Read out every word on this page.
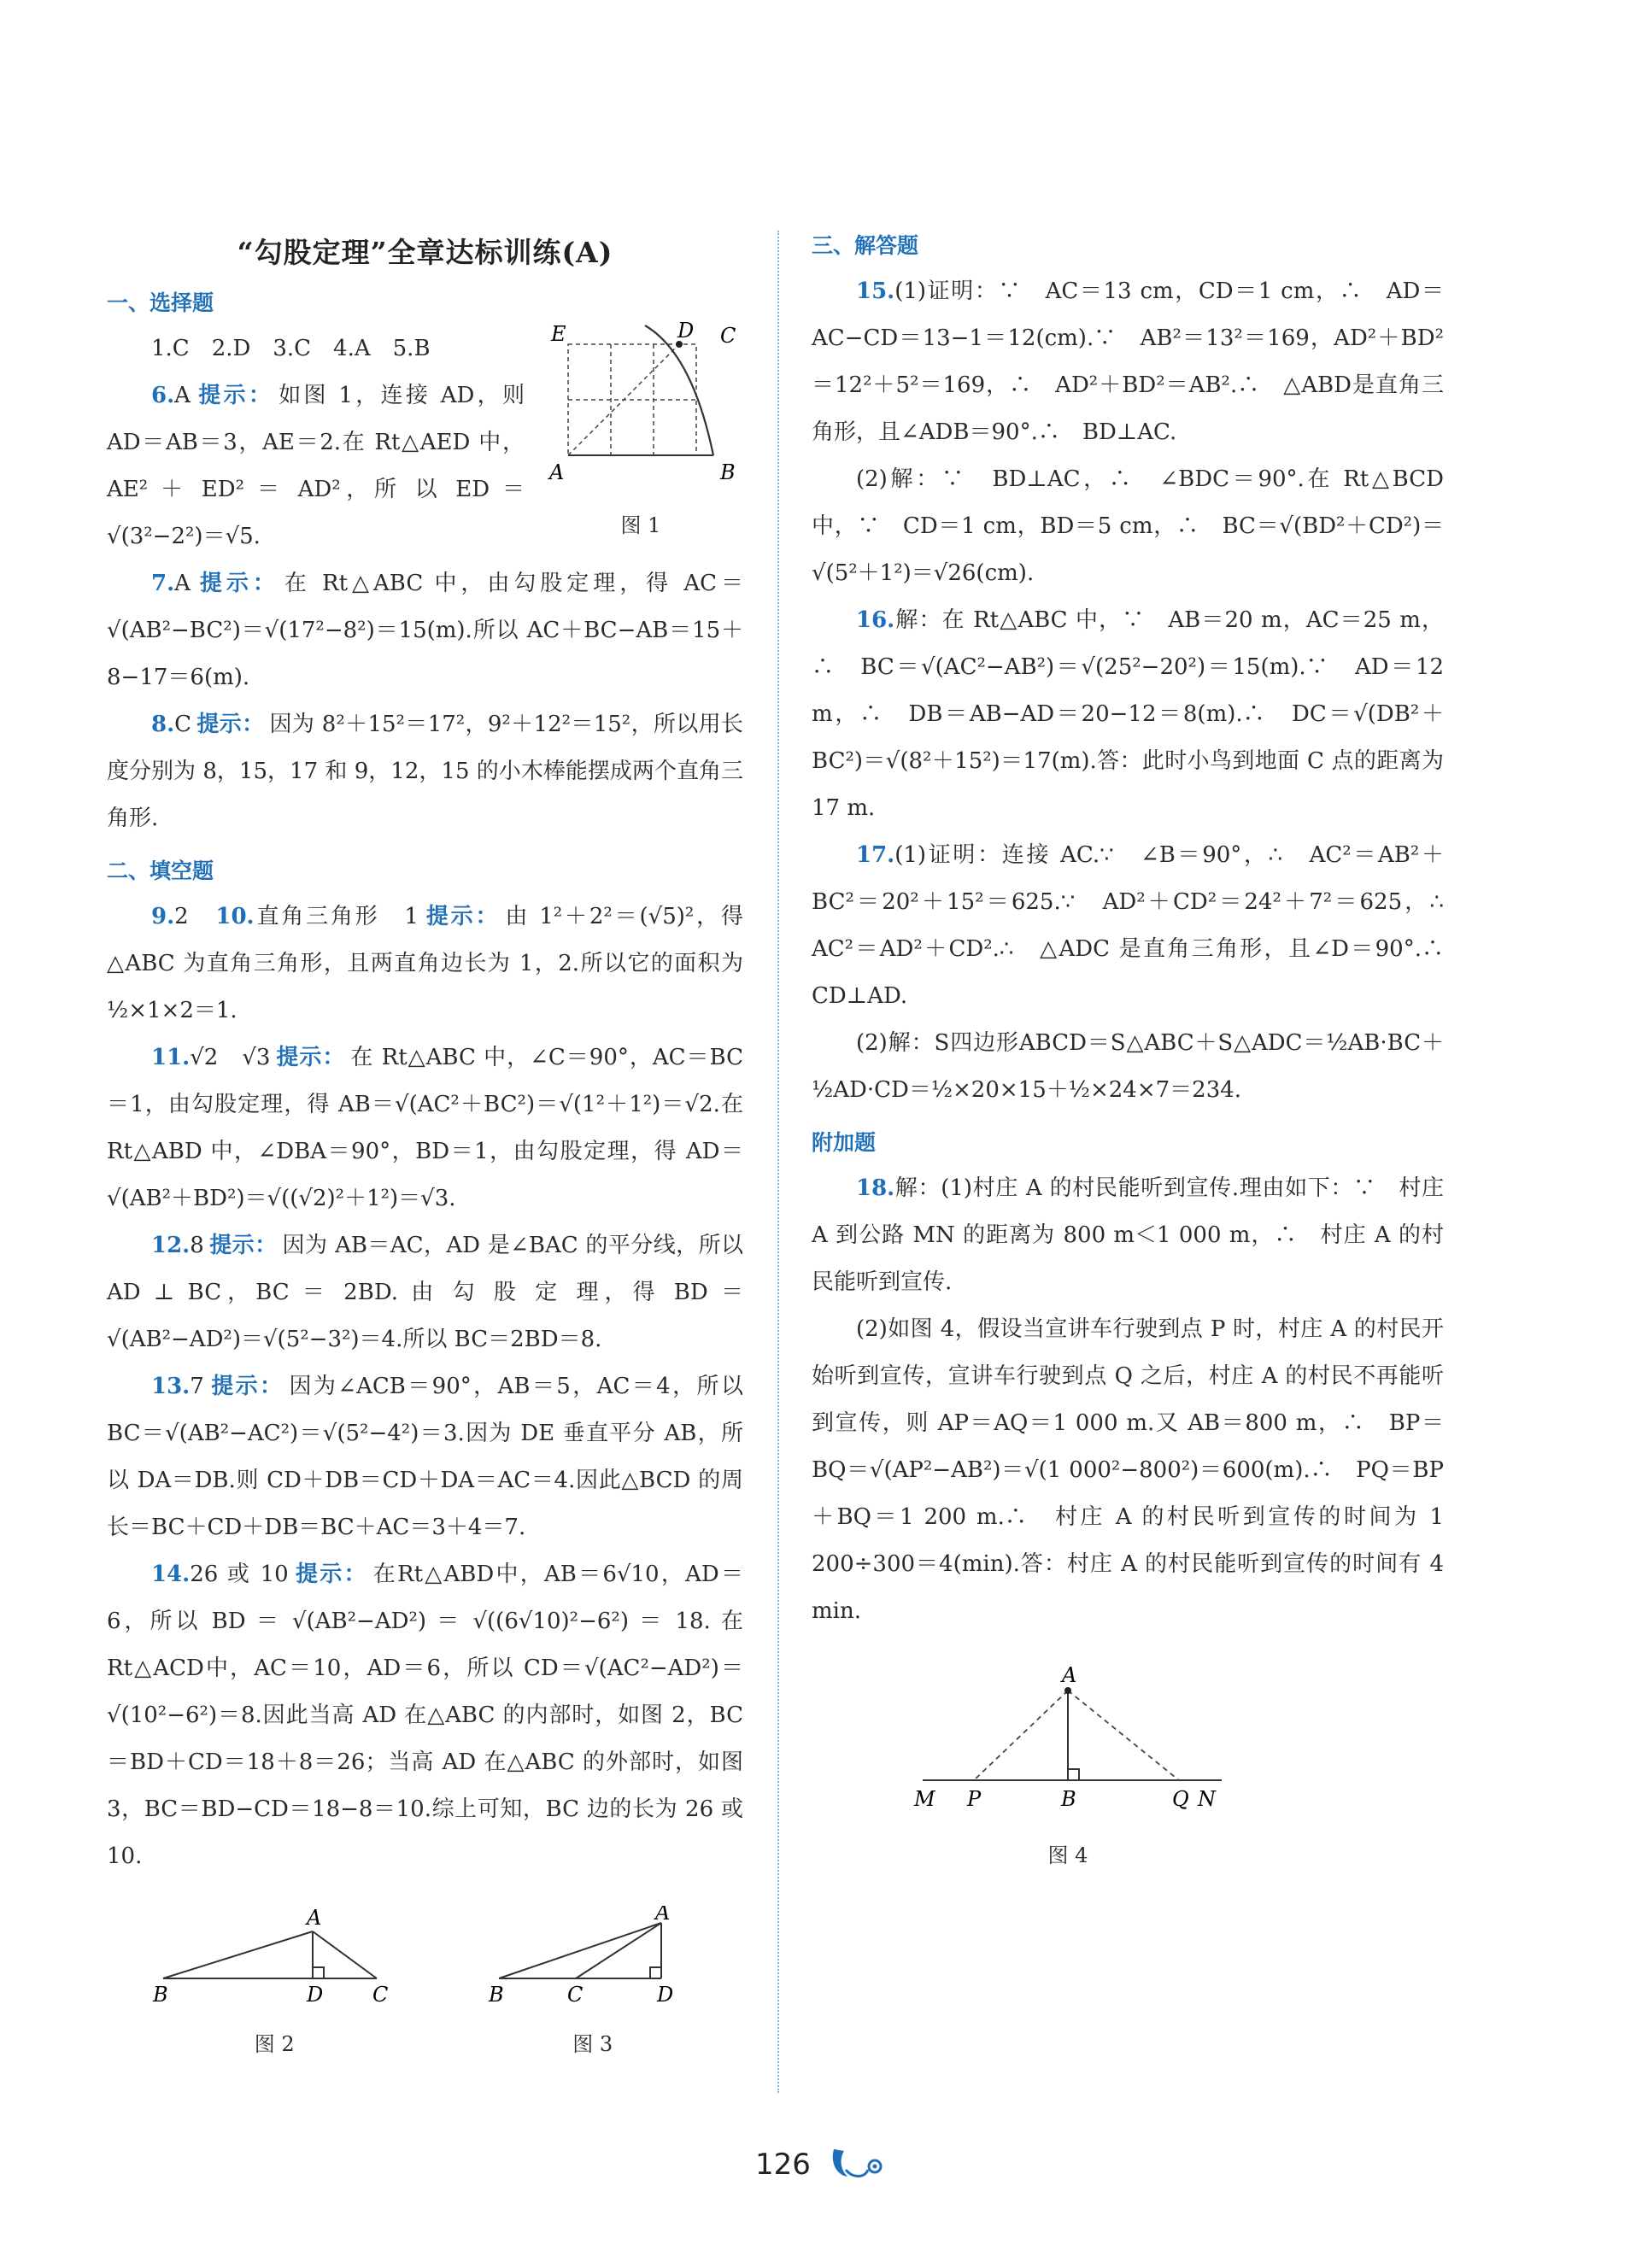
“勾股定理”全章达标训练(A)
一、选择题
E	D C
A	B
图 1

1.C　2.D　3.C　4.A　5.B

6.A 提示： 如图 1，连接 AD，则 AD＝AB＝3，AE＝2.在 Rt△AED 中，AE² ＋ ED² ＝ AD²，所 以 ED ＝ √(3²−2²)＝√5.

7.A 提示： 在 Rt△ABC 中，由勾股定理，得 AC＝√(AB²−BC²)＝√(17²−8²)＝15(m).所以 AC＋BC−AB＝15＋8−17＝6(m).

8.C 提示： 因为 8²＋15²＝17²，9²＋12²＝15²，所以用长度分别为 8，15，17 和 9，12，15 的小木棒能摆成两个直角三角形.

二、填空题

9.2　 10.直角三角形　1 提示： 由 1²＋2²＝(√5)²，得△ABC 为直角三角形，且两直角边长为 1，2.所以它的面积为 ½×1×2＝1.

11.√2　√3 提示： 在 Rt△ABC 中，∠C＝90°，AC＝BC＝1，由勾股定理，得 AB＝√(AC²＋BC²)＝√(1²＋1²)＝√2.在 Rt△ABD 中，∠DBA＝90°，BD＝1，由勾股定理，得 AD＝√(AB²＋BD²)＝√((√2)²＋1²)＝√3.

12.8 提示： 因为 AB＝AC，AD 是∠BAC 的平分线，所以 AD ⊥ BC，BC ＝ 2BD. 由 勾 股 定 理，得 BD ＝ √(AB²−AD²)＝√(5²−3²)＝4.所以 BC＝2BD＝8.

13.7 提示： 因为∠ACB＝90°，AB＝5，AC＝4，所以 BC＝√(AB²−AC²)＝√(5²−4²)＝3.因为 DE 垂直平分 AB，所以 DA＝DB.则 CD＋DB＝CD＋DA＝AC＝4.因此△BCD 的周长＝BC＋CD＋DB＝BC＋AC＝3＋4＝7.

14.26 或 10 提示： 在Rt△ABD中，AB＝6√10，AD＝6，所以 BD ＝ √(AB²−AD²) ＝ √((6√10)²−6²) ＝ 18. 在 Rt△ACD中，AC＝10，AD＝6，所以 CD＝√(AC²−AD²)＝√(10²−6²)＝8.因此当高 AD 在△ABC 的内部时，如图 2，BC＝BD＋CD＝18＋8＝26；当高 AD 在△ABC 的外部时，如图 3，BC＝BD−CD＝18−8＝10.综上可知，BC 边的长为 26 或 10.

A
B	D C
图 2
A
B	C	D
图 3
三、解答题

15.(1)证明：∵　AC＝13 cm，CD＝1 cm，∴　AD＝AC−CD＝13−1＝12(cm).∵　AB²＝13²＝169，AD²＋BD²＝12²＋5²＝169，∴　AD²＋BD²＝AB².∴　△ABD是直角三角形，且∠ADB＝90°.∴　BD⊥AC.

(2)解：∵　BD⊥AC，∴　∠BDC＝90°.在 Rt△BCD 中，∵　CD＝1 cm，BD＝5 cm，∴　BC＝√(BD²＋CD²)＝√(5²＋1²)＝√26(cm).

16.解：在 Rt△ABC 中，∵　AB＝20 m，AC＝25 m，∴　BC＝√(AC²−AB²)＝√(25²−20²)＝15(m).∵　AD＝12 m，∴　DB＝AB−AD＝20−12＝8(m).∴　DC＝√(DB²＋BC²)＝√(8²＋15²)＝17(m).答：此时小鸟到地面 C 点的距离为 17 m.

17.(1)证明：连接 AC.∵　∠B＝90°，∴　AC²＝AB²＋BC²＝20²＋15²＝625.∵　AD²＋CD²＝24²＋7²＝625，∴　AC²＝AD²＋CD².∴　△ADC 是直角三角形，且∠D＝90°.∴　CD⊥AD.

(2)解：S四边形ABCD＝S△ABC＋S△ADC＝½AB·BC＋½AD·CD＝½×20×15＋½×24×7＝234.

附加题

18.解：(1)村庄 A 的村民能听到宣传.理由如下：∵　村庄 A 到公路 MN 的距离为 800 m＜1 000 m，∴　村庄 A 的村民能听到宣传.

(2)如图 4，假设当宣讲车行驶到点 P 时，村庄 A 的村民开始听到宣传，宣讲车行驶到点 Q 之后，村庄 A 的村民不再能听到宣传，则 AP＝AQ＝1 000 m.又 AB＝800 m，∴　BP＝BQ＝√(AP²−AB²)＝√(1 000²−800²)＝600(m).∴　PQ＝BP＋BQ＝1 200 m.∴　村庄 A 的村民听到宣传的时间为 1 200÷300＝4(min).答：村庄 A 的村民能听到宣传的时间有 4 min.

A
M P	B	Q N
图 4
126
